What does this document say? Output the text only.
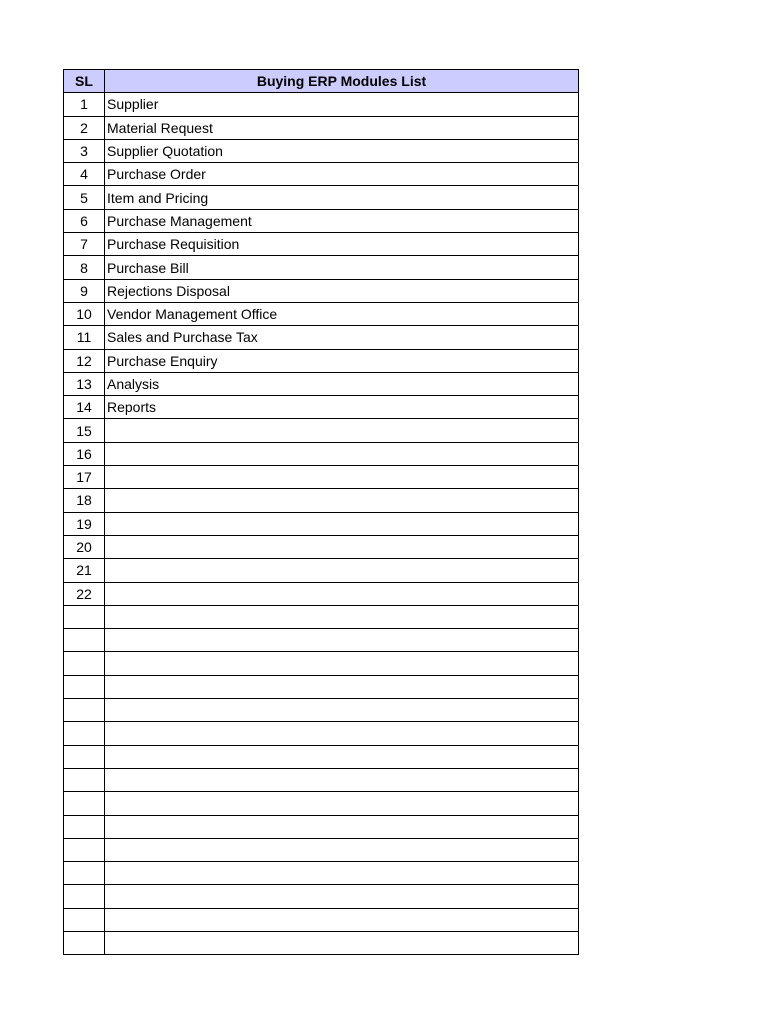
SL	Buying ERP Modules List
1	Supplier
2	Material Request
3	Supplier Quotation
4	Purchase Order
5	Item and Pricing
6	Purchase Management
7	Purchase Requisition
8	Purchase Bill
9	Rejections Disposal
10	Vendor Management Office
11	Sales and Purchase Tax
12	Purchase Enquiry
13	Analysis
14	Reports
15	
16	
17	
18	
19	
20	
21	
22	
